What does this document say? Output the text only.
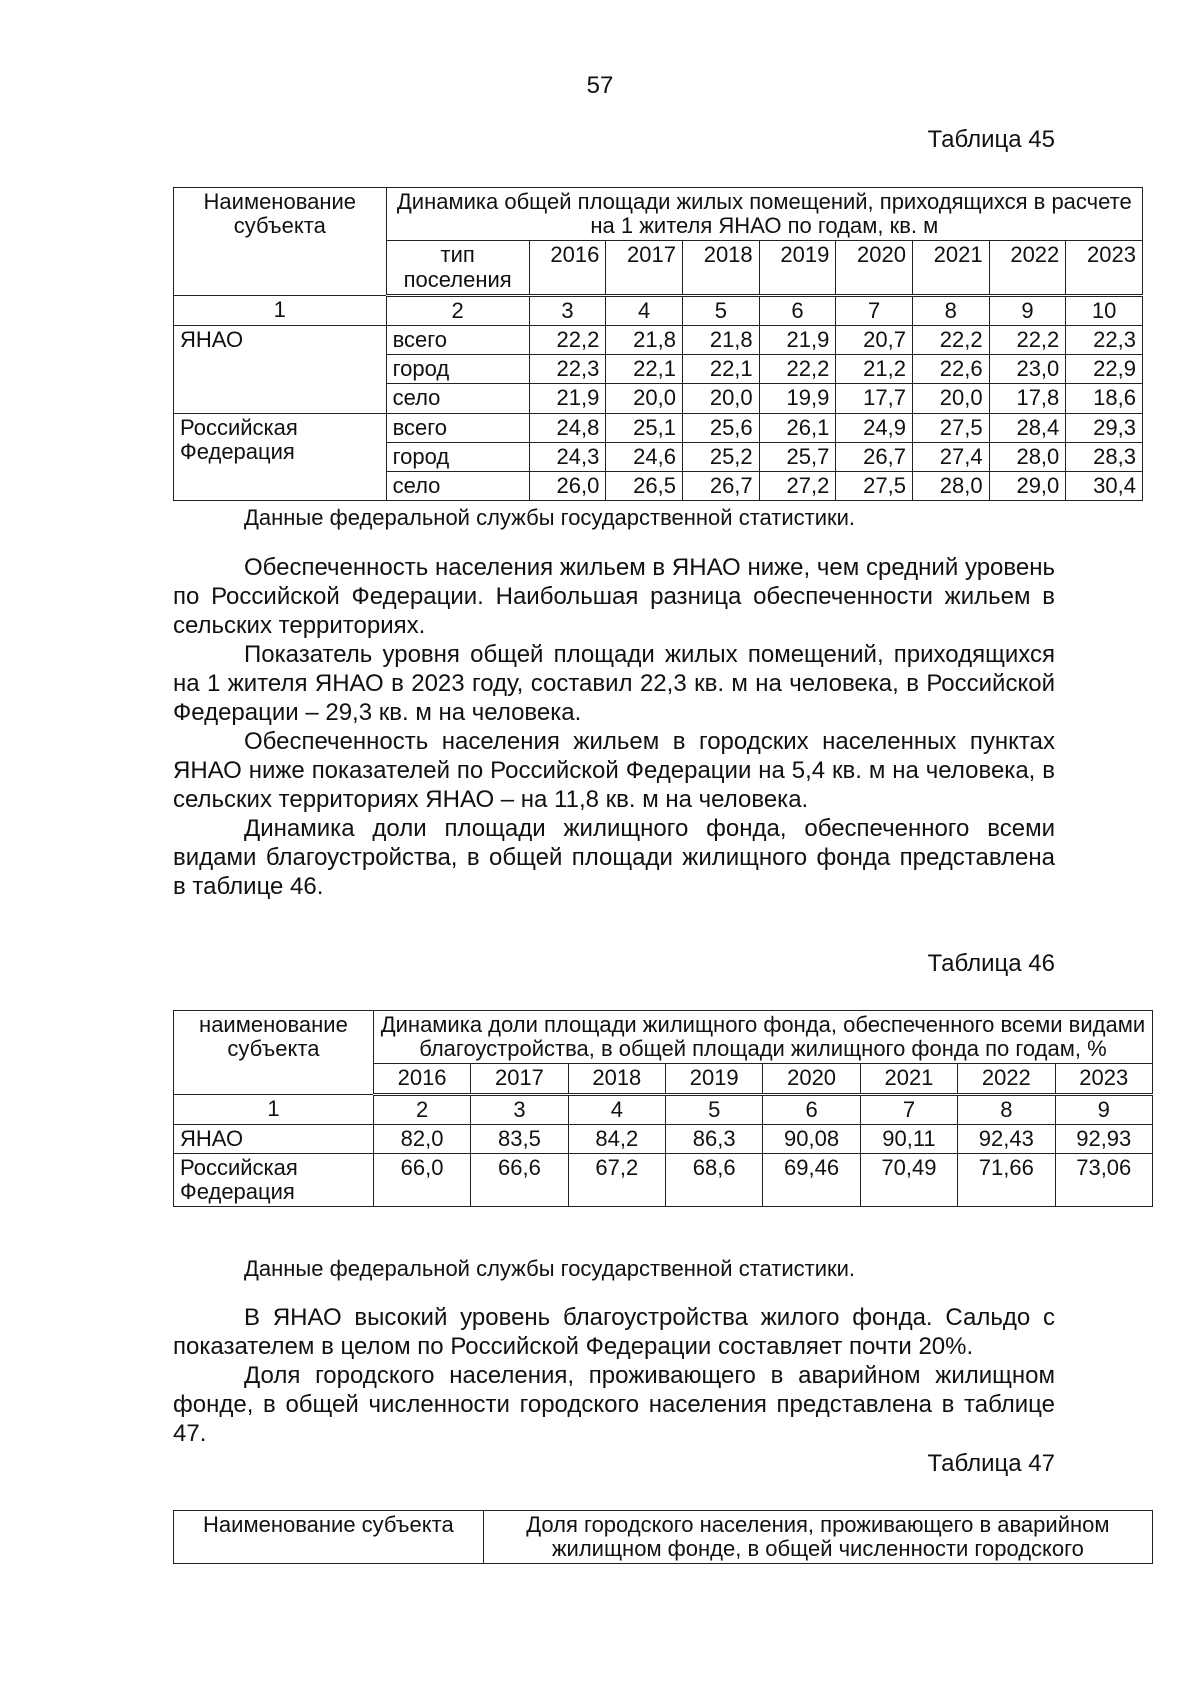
57
Таблица 45
Наименование субъекта	Динамика общей площади жилых помещений, приходящихся в расчете на 1 жителя ЯНАО по годам, кв. м								
	тип поселения	2016	2017	2018	2019	2020	2021	2022	2023
1	2	3	4	5	6	7	8	9	10
ЯНАО	всего	22,2	21,8	21,8	21,9	20,7	22,2	22,2	22,3
	город	22,3	22,1	22,1	22,2	21,2	22,6	23,0	22,9
	село	21,9	20,0	20,0	19,9	17,7	20,0	17,8	18,6
Российская Федерация	всего	24,8	25,1	25,6	26,1	24,9	27,5	28,4	29,3
	город	24,3	24,6	25,2	25,7	26,7	27,4	28,0	28,3
	село	26,0	26,5	26,7	27,2	27,5	28,0	29,0	30,4
Данные федеральной службы государственной статистики.

Обеспеченность населения жильем в ЯНАО ниже, чем средний уровень по Российской Федерации. Наибольшая разница обеспеченности жильем в сельских территориях.

Показатель уровня общей площади жилых помещений, приходящихся на 1 жителя ЯНАО в 2023 году, составил 22,3 кв. м на человека, в Российской Федерации – 29,3 кв. м на человека.

Обеспеченность населения жильем в городских населенных пунктах ЯНАО ниже показателей по Российской Федерации на 5,4 кв. м на человека, в сельских территориях ЯНАО – на 11,8 кв. м на человека.

Динамика доли площади жилищного фонда, обеспеченного всеми видами благоустройства, в общей площади жилищного фонда представлена в таблице 46.

Таблица 46
наименование субъекта	Динамика доли площади жилищного фонда, обеспеченного всеми видами благоустройства, в общей площади жилищного фонда по годам, %							
	2016	2017	2018	2019	2020	2021	2022	2023
1	2	3	4	5	6	7	8	9
ЯНАО	82,0	83,5	84,2	86,3	90,08	90,11	92,43	92,93
Российская Федерация	66,0	66,6	67,2	68,6	69,46	70,49	71,66	73,06
Данные федеральной службы государственной статистики.

В ЯНАО высокий уровень благоустройства жилого фонда. Сальдо с показателем в целом по Российской Федерации составляет почти 20%.

Доля городского населения, проживающего в аварийном жилищном фонде, в общей численности городского населения представлена в таблице 47.

Таблица 47
Наименование субъекта	Доля городского населения, проживающего в аварийном жилищном фонде, в общей численности городского
